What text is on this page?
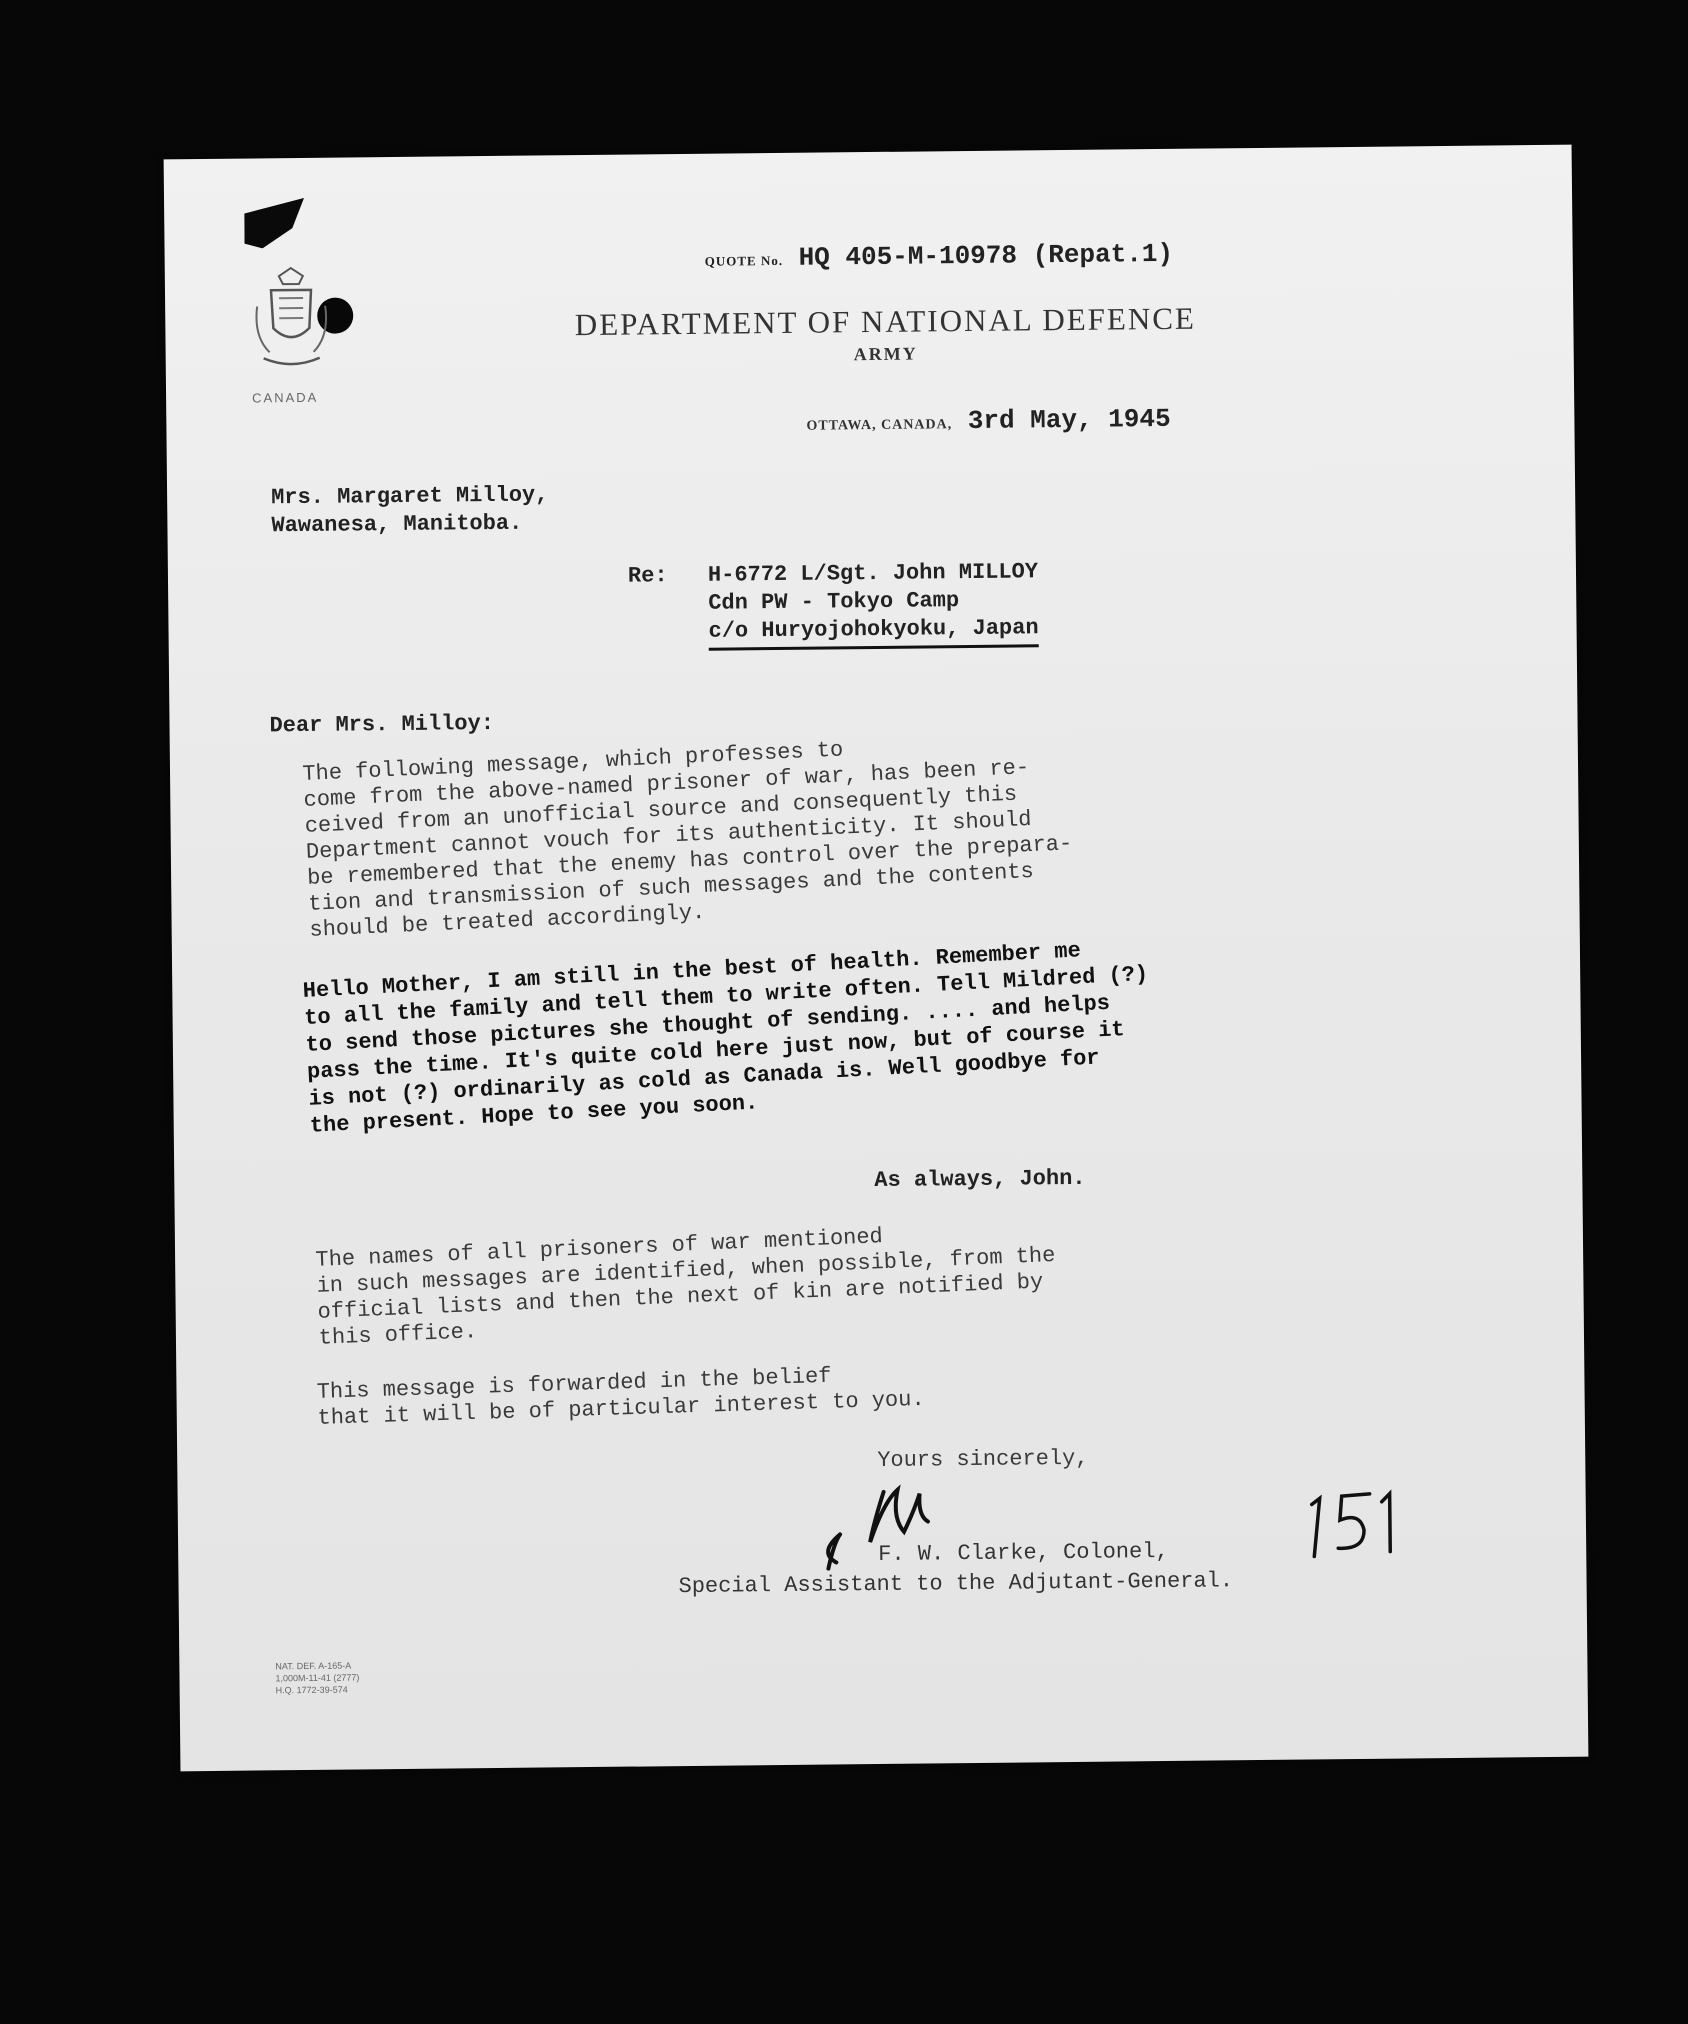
CANADA
QUOTE No. HQ 405-M-10978 (Repat.1)
DEPARTMENT OF NATIONAL DEFENCE
ARMY
OTTAWA, CANADA, 3rd May, 1945
Mrs. Margaret Milloy,
Wawanesa, Manitoba.
Re: H-6772 L/Sgt. John MILLOY
Cdn PW - Tokyo Camp
c/o Huryojohokyoku, Japan
Dear Mrs. Milloy:
The following message, which professes to
come from the above-named prisoner of war, has been re-
ceived from an unofficial source and consequently this
Department cannot vouch for its authenticity. It should
be remembered that the enemy has control over the prepara-
tion and transmission of such messages and the contents
should be treated accordingly.
Hello Mother, I am still in the best of health. Remember me
to all the family and tell them to write often. Tell Mildred (?)
to send those pictures she thought of sending. .... and helps
pass the time. It's quite cold here just now, but of course it
is not (?) ordinarily as cold as Canada is. Well goodbye for
the present. Hope to see you soon.
As always, John.
The names of all prisoners of war mentioned
in such messages are identified, when possible, from the
official lists and then the next of kin are notified by
this office.
This message is forwarded in the belief
that it will be of particular interest to you.
Yours sincerely,
F. W. Clarke, Colonel,
Special Assistant to the Adjutant-General.
NAT. DEF. A-165-A
1,000M-11-41 (2777)
H.Q. 1772-39-574
